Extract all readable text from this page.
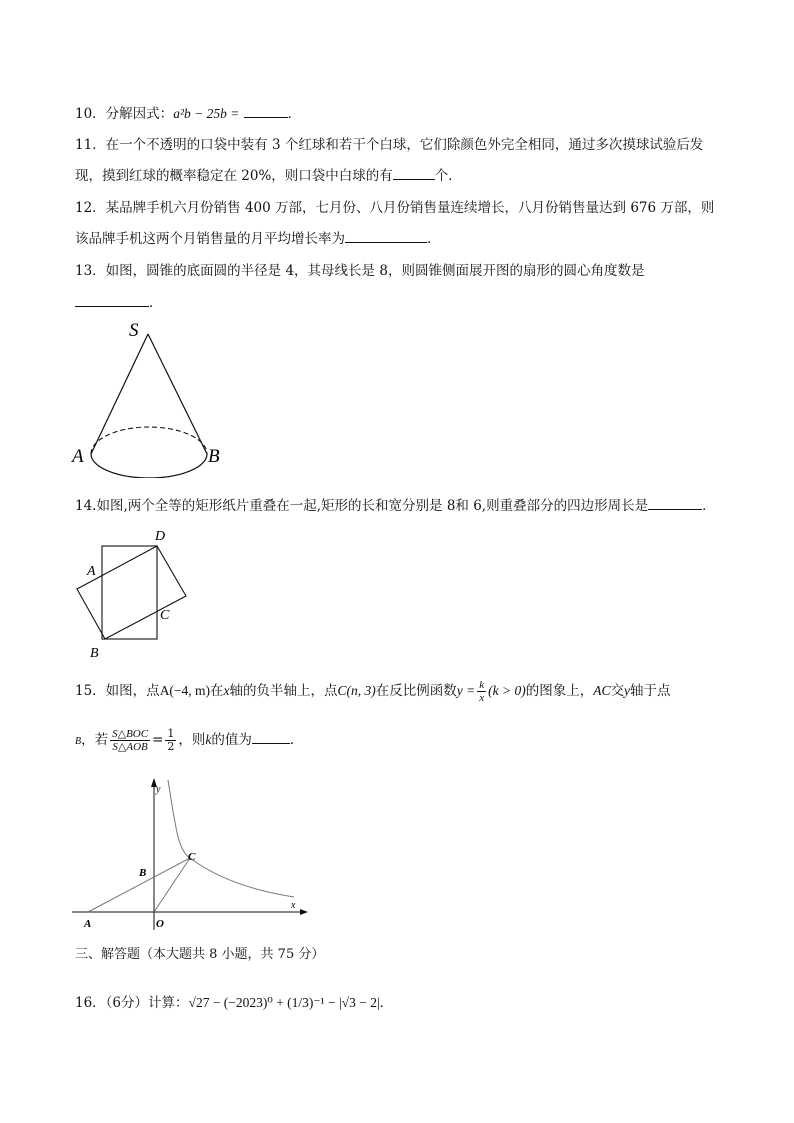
10．分解因式：a²b − 25b =	．
11．在一个不透明的口袋中装有 3 个红球和若干个白球，它们除颜色外完全相同，通过多次摸球试验后发
现，摸到红球的概率稳定在 20%，则口袋中白球的有	个．
12．某品牌手机六月份销售 400 万部，七月份、八月份销售量连续增长，八月份销售量达到 676 万部，则
该品牌手机这两个月销售量的月平均增长率为	．
13．如图，圆锥的底面圆的半径是 4，其母线长是 8，则圆锥侧面展开图的扇形的圆心角度数是
．
S
A	B
14.如图,两个全等的矩形纸片重叠在一起,矩形的长和宽分别是 8和 6,则重叠部分的四边形周长是	．
D
A
C
B
15．如图，点A(−4, m)在x轴的负半轴上，点C(n, 3)在反比例函数$y = \frac{k}{x} (k > 0)$的图象上，AC交y轴于点
B，若 $\frac{\text{S△BOC}}{\text{S△AOB}} = \frac{1}{2}$ ，则k的值为	．
y
x
A
B
C
O
三、解答题（本大题共 8 小题，共 75 分）
16．（6分）计算：√27 − (−2023)⁰ + (1/3)⁻¹ − |√3 − 2|．
